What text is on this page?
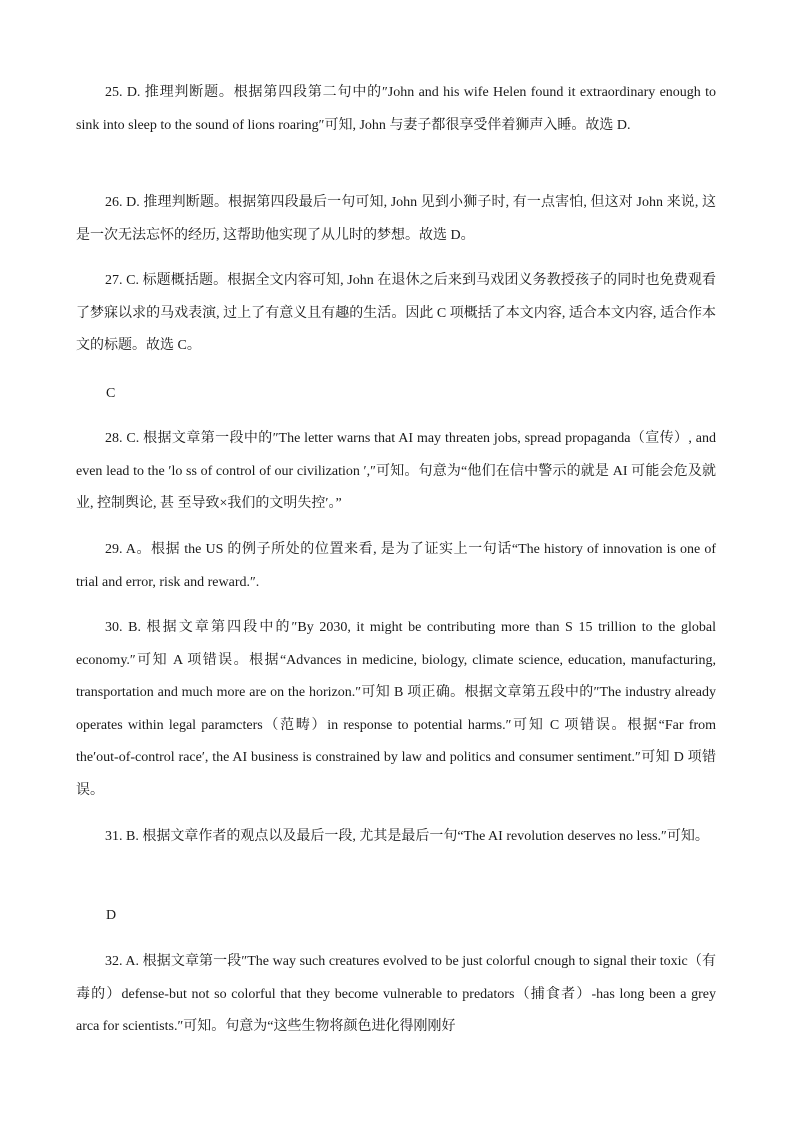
25. D. 推理判断题。根据第四段第二句中的″John and his wife Helen found it extraordinary enough to sink into sleep to the sound of lions roaring″可知, John 与妻子都很享受伴着狮声入睡。故选 D.

26. D. 推理判断题。根据第四段最后一句可知, John 见到小狮子时, 有一点害怕, 但这对 John 来说, 这是一次无法忘怀的经历, 这帮助他实现了从儿时的梦想。故选 D。

27. C. 标题概括题。根据全文内容可知, John 在退休之后来到马戏团义务教授孩子的同时也免费观看了梦寐以求的马戏表演, 过上了有意义且有趣的生活。因此 C 项概括了本文内容, 适合本文内容, 适合作本文的标题。故选 C。

C

28. C. 根据文章第一段中的″The letter warns that AI may threaten jobs, spread propaganda（宣传）, and even lead to the ′lo ss of control of our civilization ′,″可知。句意为“他们在信中警示的就是 AI 可能会危及就业, 控制舆论, 甚 至导致×我们的文明失控′。”

29. A。根据 the US 的例子所处的位置来看, 是为了证实上一句话“The history of innovation is one of trial and error, risk and reward.″.

30. B. 根据文章第四段中的″By 2030, it might be contributing more than S 15 trillion to the global economy.″可知 A 项错误。根据“Advances in medicine, biology, climate science, education, manufacturing, transportation and much more are on the horizon.″可知 B 项正确。根据文章第五段中的″The industry already operates within legal paramcters（范畴）in response to potential harms.″可知 C 项错误。根据“Far from the′out-of-control race′, the AI business is constrained by law and politics and consumer sentiment.″可知 D 项错误。

31. B. 根据文章作者的观点以及最后一段, 尤其是最后一句“The AI revolution deserves no less.″可知。

D

32. A. 根据文章第一段″The way such creatures evolved to be just colorful cnough to signal their toxic（有毒的）defense-but not so colorful that they become vulnerable to predators（捕食者）-has long been a grey arca for scientists.″可知。句意为“这些生物将颜色进化得刚刚好
